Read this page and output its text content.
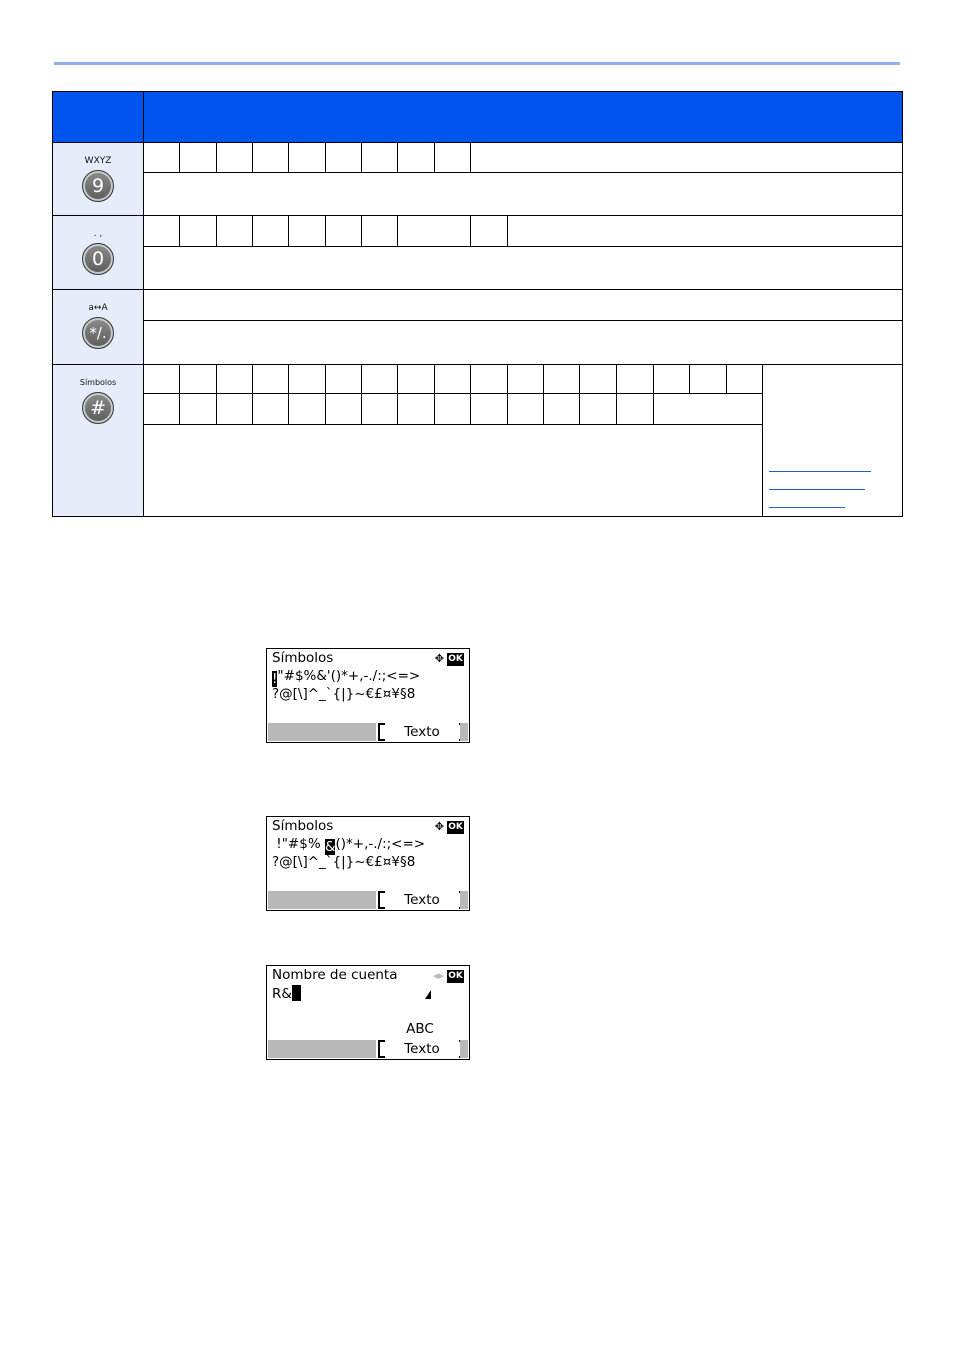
WXYZ
9																		

. ,
0																		

a↔A
*/.																		

Símbolos
#																		

Símbolos	✥ OK
!"#$%&'()*+,-./:;<=>
?@[\]^_`{|}~€£¤¥§8
Texto
Símbolos	✥ OK
!"#$% &()*+,-./:;<=>
?@[\]^_`{|}~€£¤¥§8
Texto
Nombre de cuenta	◂▸ OK
R&
ABC
Texto
